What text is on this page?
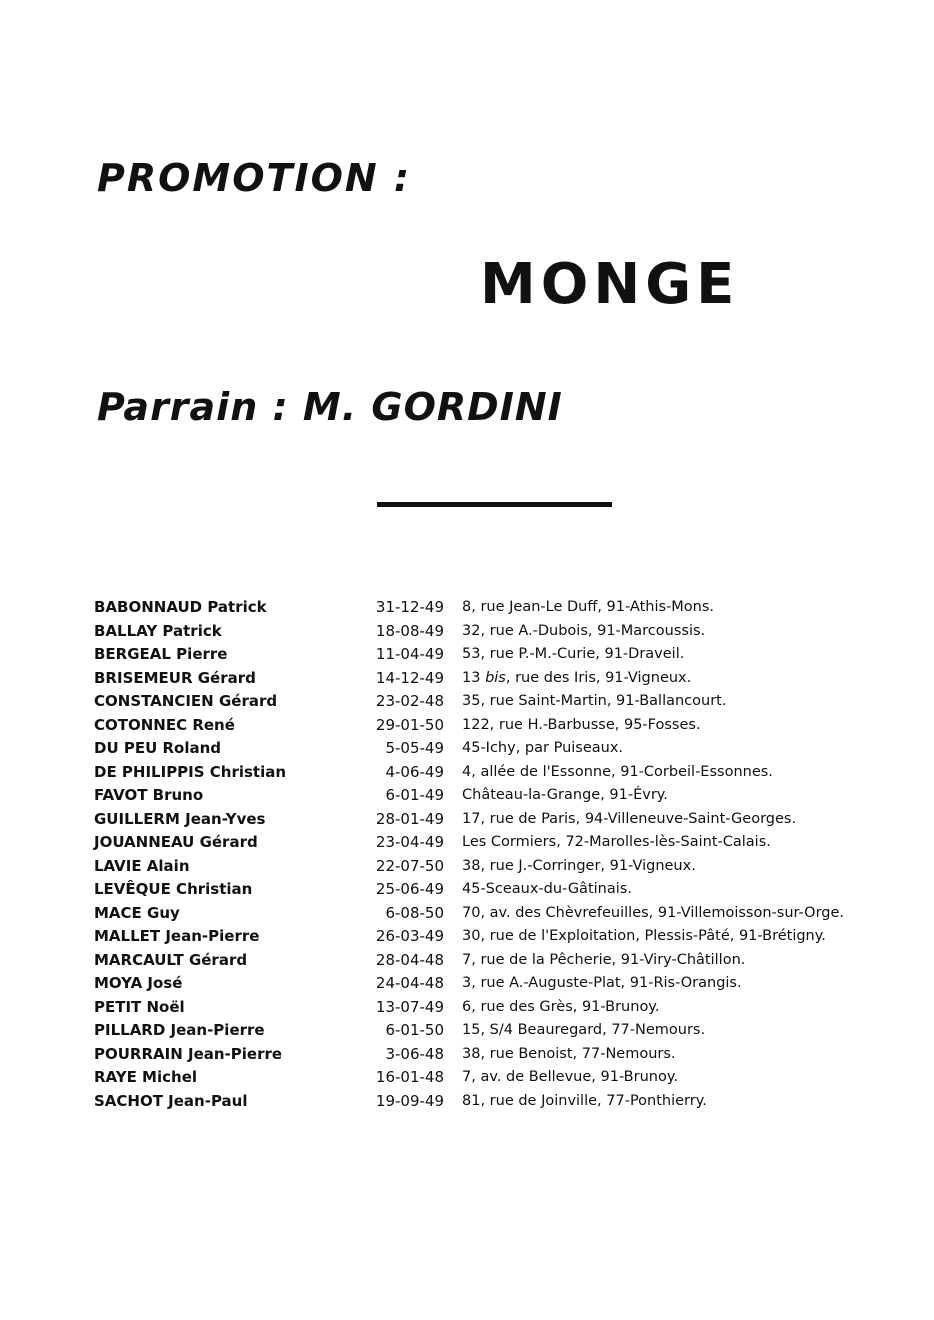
PROMOTION :
MONGE
Parrain : M. GORDINI
BABONNAUD Patrick	31-12-49 8, rue Jean-Le Duff, 91-Athis-Mons.
BALLAY Patrick	18-08-49 32, rue A.-Dubois, 91-Marcoussis.
BERGEAL Pierre	11-04-49 53, rue P.-M.-Curie, 91-Draveil.
BRISEMEUR Gérard	14-12-49 13 bis, rue des Iris, 91-Vigneux.
CONSTANCIEN Gérard	23-02-48 35, rue Saint-Martin, 91-Ballancourt.
COTONNEC René	29-01-50 122, rue H.-Barbusse, 95-Fosses.
DU PEU Roland	5-05-49 45-Ichy, par Puiseaux.
DE PHILIPPIS Christian	4-06-49 4, allée de l'Essonne, 91-Corbeil-Essonnes.
FAVOT Bruno	6-01-49 Château-la-Grange, 91-Évry.
GUILLERM Jean-Yves	28-01-49 17, rue de Paris, 94-Villeneuve-Saint-Georges.
JOUANNEAU Gérard	23-04-49 Les Cormiers, 72-Marolles-lès-Saint-Calais.
LAVIE Alain	22-07-50 38, rue J.-Corringer, 91-Vigneux.
LEVÊQUE Christian	25-06-49 45-Sceaux-du-Gâtinais.
MACE Guy	6-08-50 70, av. des Chèvrefeuilles, 91-Villemoisson-sur-Orge.
MALLET Jean-Pierre	26-03-49 30, rue de l'Exploitation, Plessis-Pâté, 91-Brétigny.
MARCAULT Gérard	28-04-48 7, rue de la Pêcherie, 91-Viry-Châtillon.
MOYA José	24-04-48 3, rue A.-Auguste-Plat, 91-Ris-Orangis.
PETIT Noël	13-07-49 6, rue des Grès, 91-Brunoy.
PILLARD Jean-Pierre	6-01-50 15, S/4 Beauregard, 77-Nemours.
POURRAIN Jean-Pierre	3-06-48 38, rue Benoist, 77-Nemours.
RAYE Michel	16-01-48 7, av. de Bellevue, 91-Brunoy.
SACHOT Jean-Paul	19-09-49 81, rue de Joinville, 77-Ponthierry.
